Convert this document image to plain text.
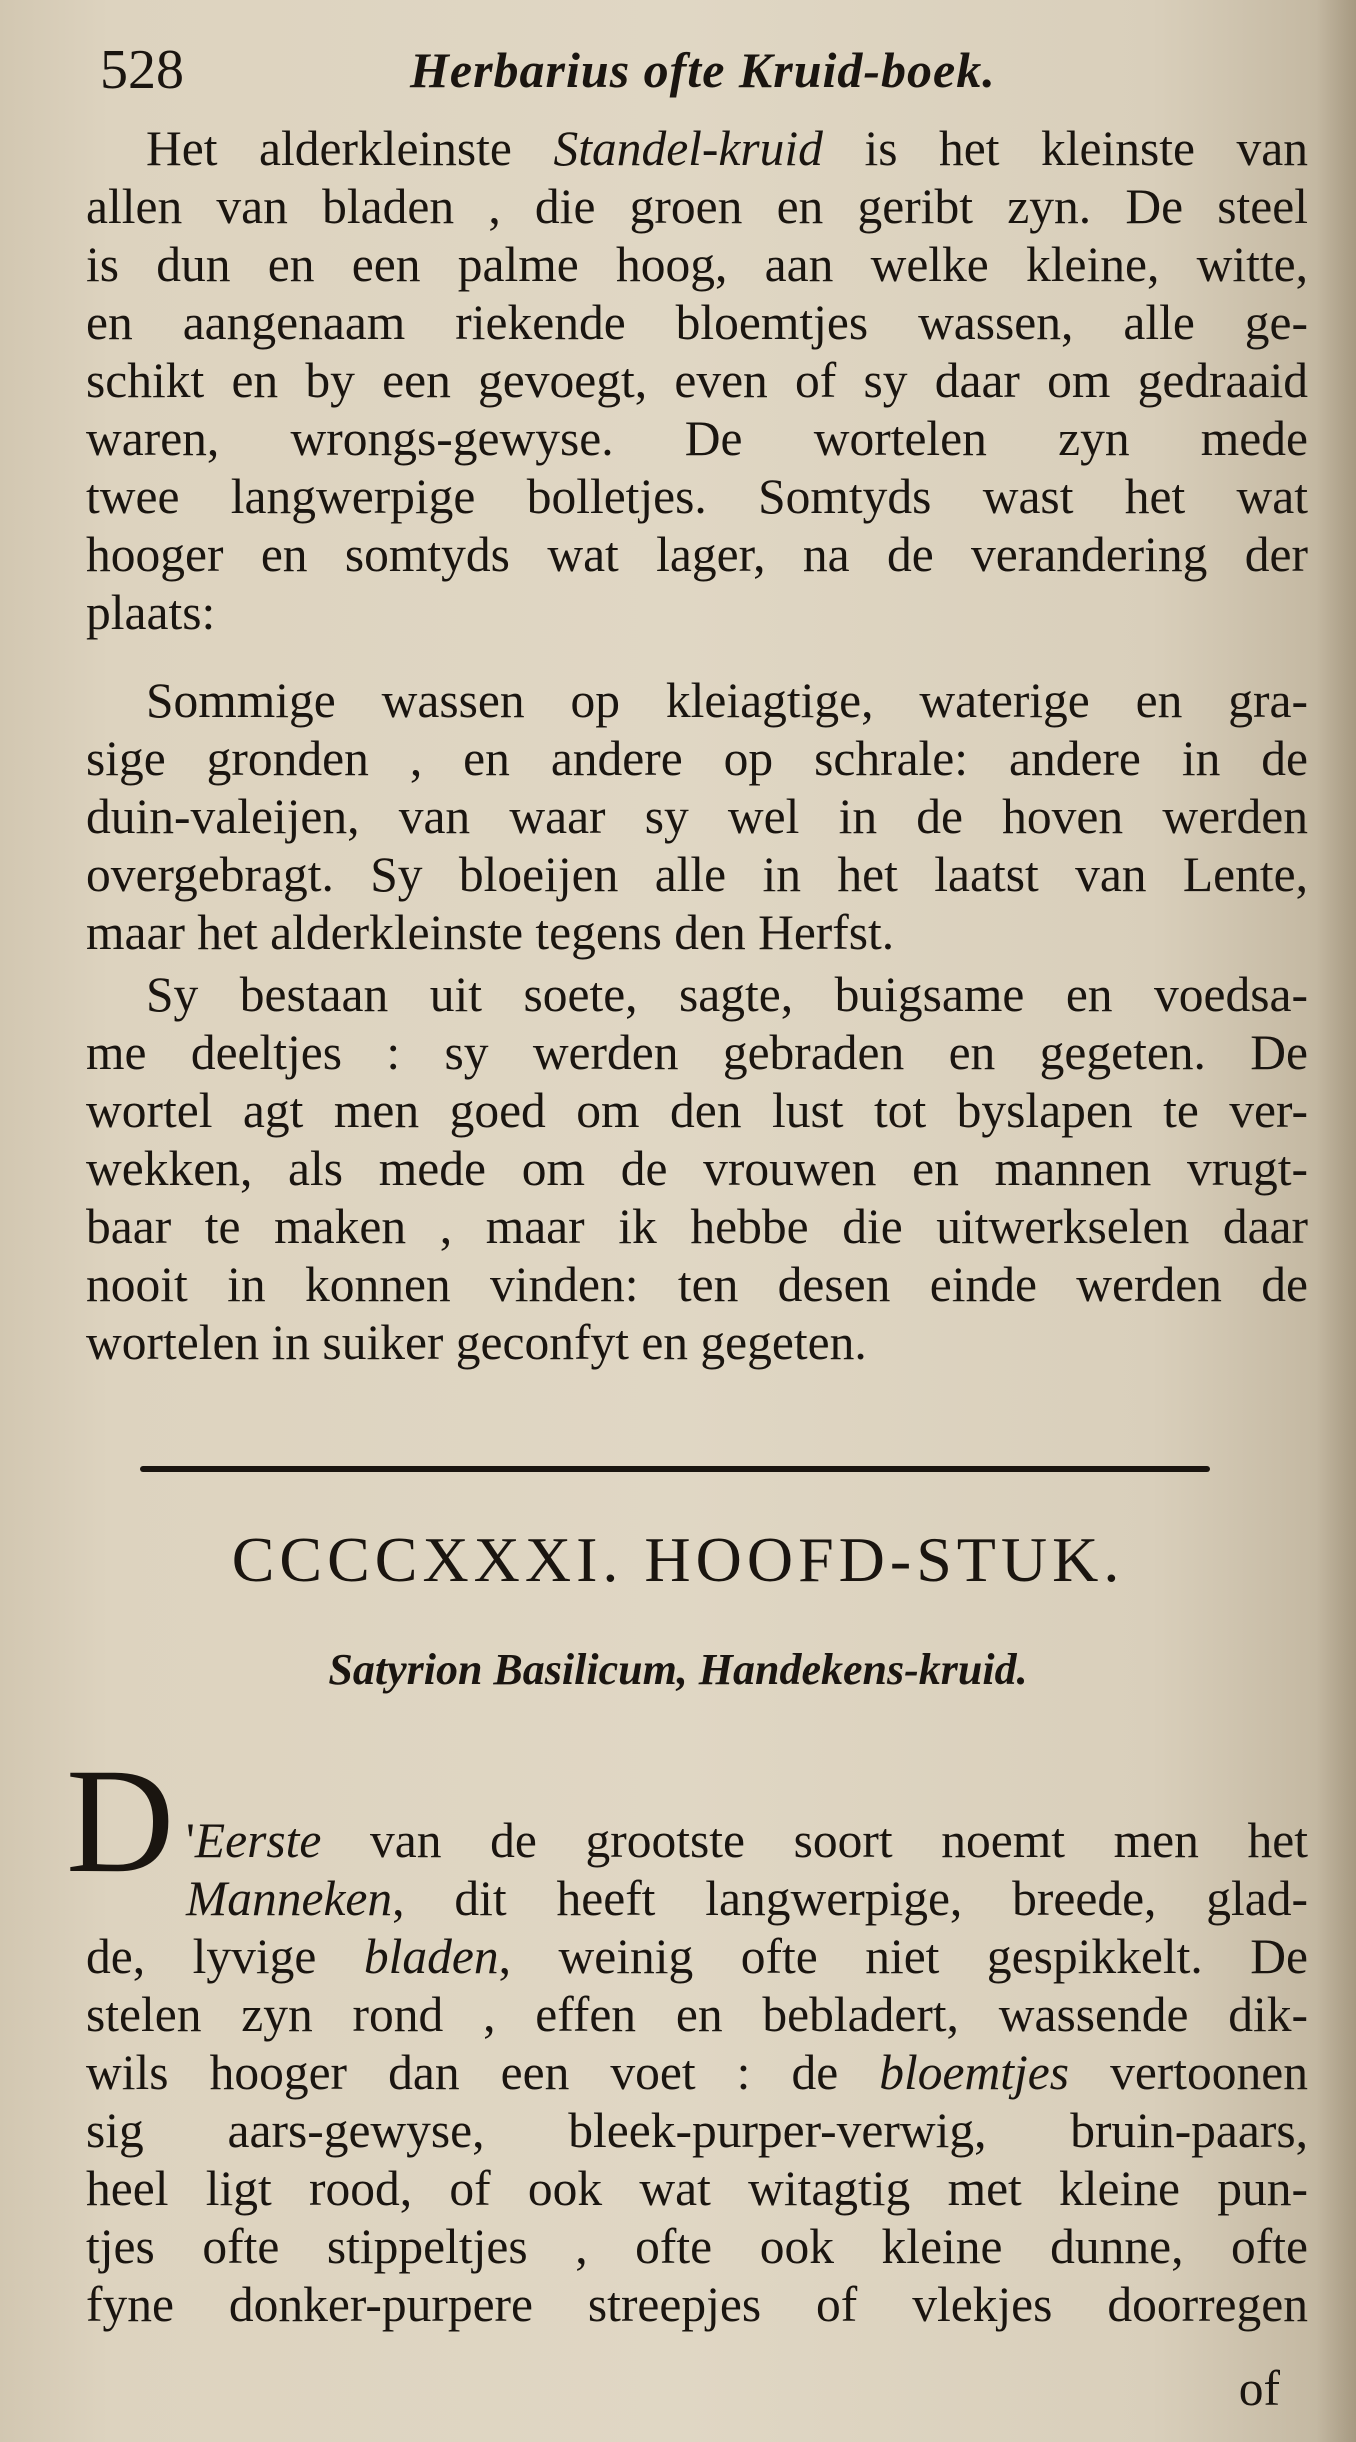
528	Herbarius ofte Kruid-boek.

Het alderkleinste Standel-kruid is het kleinste van
allen van bladen , die groen en geribt zyn. De steel
is dun en een palme hoog, aan welke kleine, witte,
en aangenaam riekende bloemtjes wassen, alle ge-
schikt en by een gevoegt, even of sy daar om gedraaid
waren, wrongs-gewyse. De wortelen zyn mede
twee langwerpige bolletjes. Somtyds wast het wat
hooger en somtyds wat lager, na de verandering der
plaats:

Sommige wassen op kleiagtige, waterige en gra-
sige gronden , en andere op schrale: andere in de
duin-valeijen, van waar sy wel in de hoven werden
overgebragt. Sy bloeijen alle in het laatst van Lente,
maar het alderkleinste tegens den Herfst.

Sy bestaan uit soete, sagte, buigsame en voedsa-
me deeltjes : sy werden gebraden en gegeten. De
wortel agt men goed om den lust tot byslapen te ver-
wekken, als mede om de vrouwen en mannen vrugt-
baar te maken , maar ik hebbe die uitwerkselen daar
nooit in konnen vinden: ten desen einde werden de
wortelen in suiker geconfyt en gegeten.

CCCCXXXI. HOOFD-STUK.
Satyrion Basilicum, Handekens-kruid.
D 'Eerste van de grootste soort noemt men het
Manneken, dit heeft langwerpige, breede, glad-
de, lyvige bladen, weinig ofte niet gespikkelt. De
stelen zyn rond , effen en bebladert, wassende dik-
wils hooger dan een voet : de bloemtjes vertoonen
sig aars-gewyse, bleek-purper-verwig, bruin-paars,
heel ligt rood, of ook wat witagtig met kleine pun-
tjes ofte stippeltjes , ofte ook kleine dunne, ofte
fyne donker-purpere streepjes of vlekjes doorregen

of
